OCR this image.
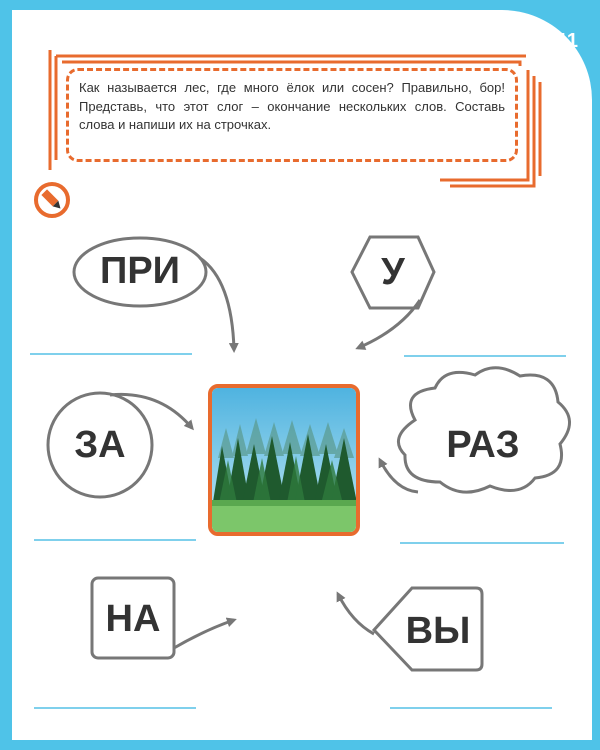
11
Как называется лес, где много ёлок или сосен? Правильно, бор! Представь, что этот слог – окончание нескольких слов. Составь слова и напиши их на строчках.
ПРИ	У
ЗА	РАЗ
НА	ВЫ
